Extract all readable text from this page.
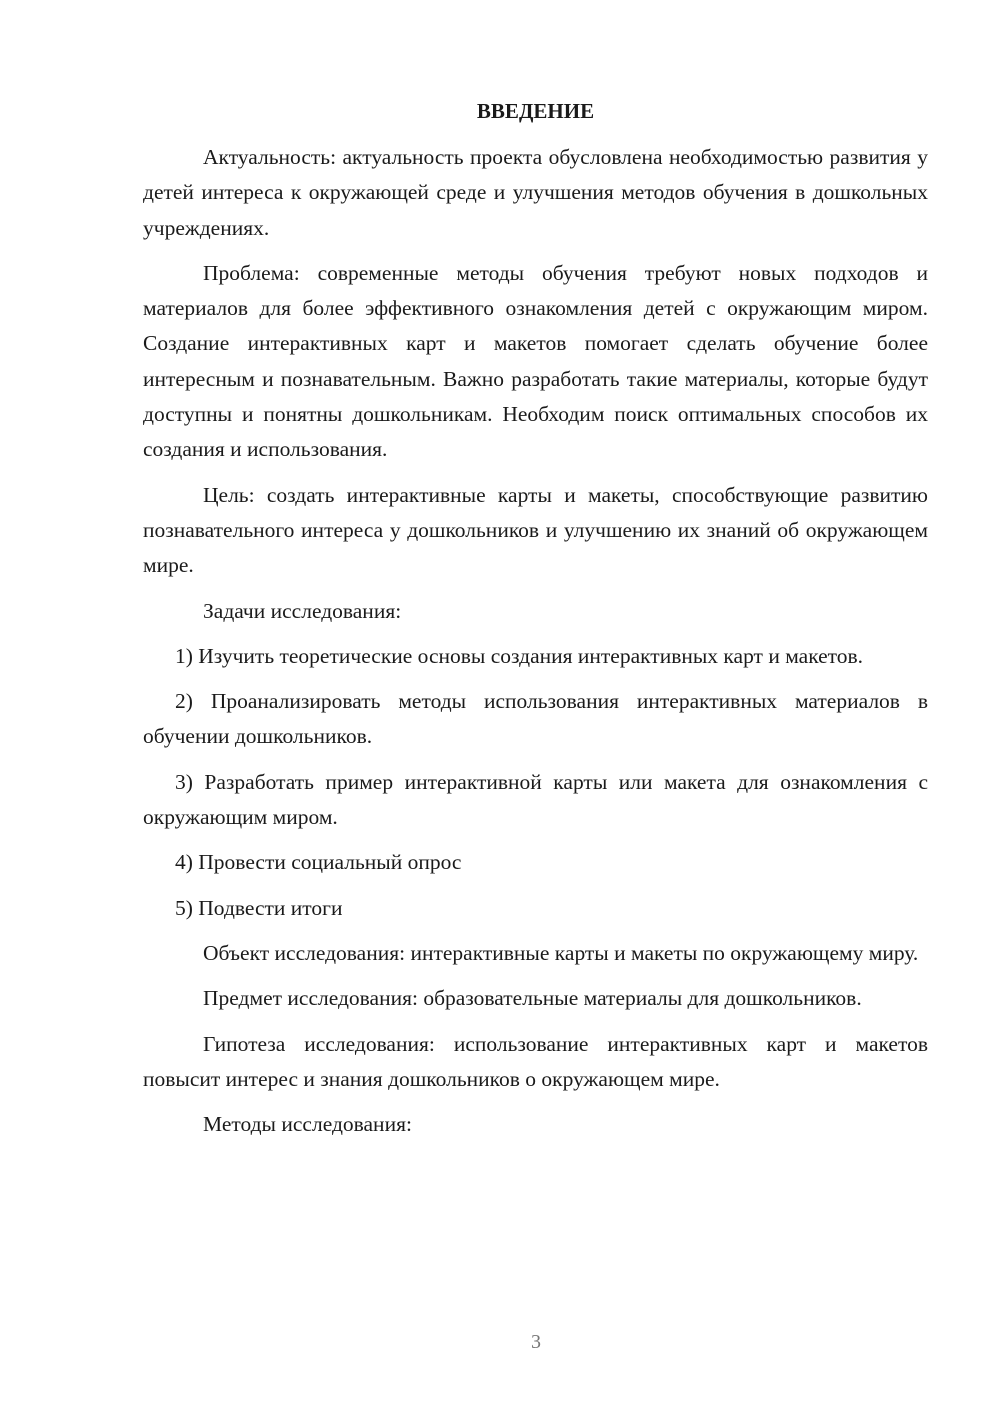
ВВЕДЕНИЕ

Актуальность: актуальность проекта обусловлена необходимостью развития у детей интереса к окружающей среде и улучшения методов обучения в дошкольных учреждениях.

Проблема: современные методы обучения требуют новых подходов и материалов для более эффективного ознакомления детей с окружающим миром. Создание интерактивных карт и макетов помогает сделать обучение более интересным и познавательным. Важно разработать такие материалы, которые будут доступны и понятны дошкольникам. Необходим поиск оптимальных способов их создания и использования.

Цель: создать интерактивные карты и макеты, способствующие развитию познавательного интереса у дошкольников и улучшению их знаний об окружающем мире.

Задачи исследования:

1) Изучить теоретические основы создания интерактивных карт и макетов.

2) Проанализировать методы использования интерактивных материалов в обучении дошкольников.

3) Разработать пример интерактивной карты или макета для ознакомления с окружающим миром.

4) Провести социальный опрос

5) Подвести итоги

Объект исследования: интерактивные карты и макеты по окружающему миру.

Предмет исследования: образовательные материалы для дошкольников.

Гипотеза исследования: использование интерактивных карт и макетов повысит интерес и знания дошкольников о окружающем мире.

Методы исследования:

3
